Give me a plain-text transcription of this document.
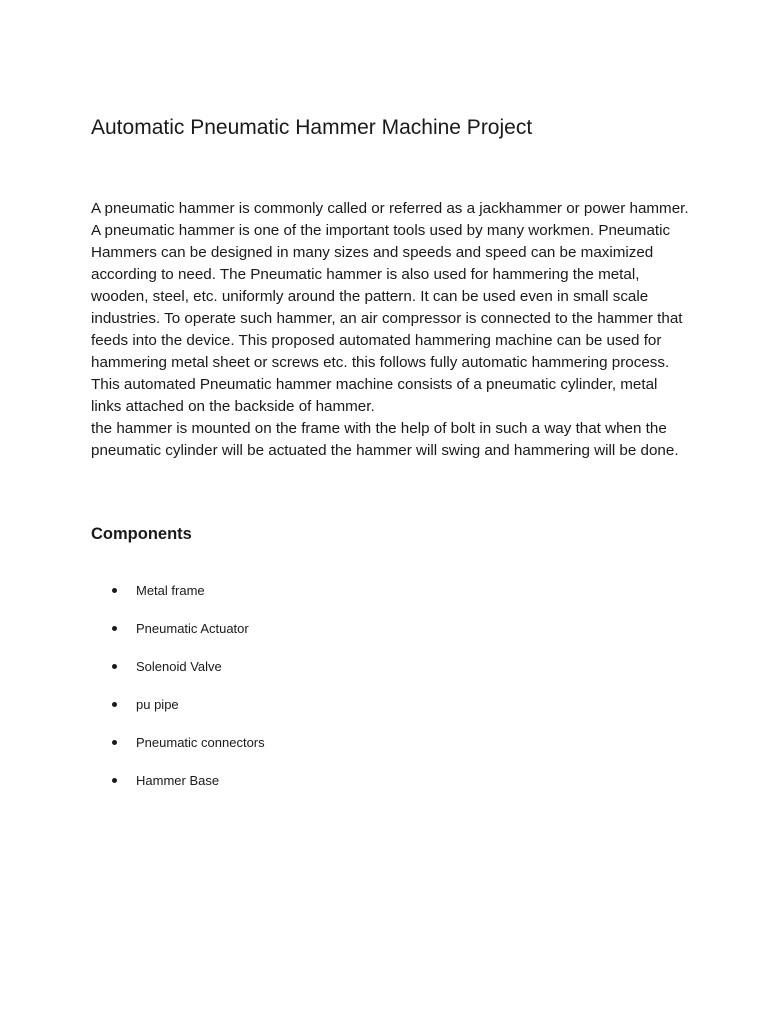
Automatic Pneumatic Hammer Machine Project

A pneumatic hammer is commonly called or referred as a jackhammer or power hammer. A pneumatic hammer is one of the important tools used by many workmen. Pneumatic Hammers can be designed in many sizes and speeds and speed can be maximized according to need. The Pneumatic hammer is also used for hammering the metal, wooden, steel, etc. uniformly around the pattern. It can be used even in small scale industries. To operate such hammer, an air compressor is connected to the hammer that feeds into the device. This proposed automated hammering machine can be used for hammering metal sheet or screws etc. this follows fully automatic hammering process. This automated Pneumatic hammer machine consists of a pneumatic cylinder, metal links attached on the backside of hammer.

the hammer is mounted on the frame with the help of bolt in such a way that when the pneumatic cylinder will be actuated the hammer will swing and hammering will be done.

Components
Metal frame
Pneumatic Actuator
Solenoid Valve
pu pipe
Pneumatic connectors
Hammer Base
